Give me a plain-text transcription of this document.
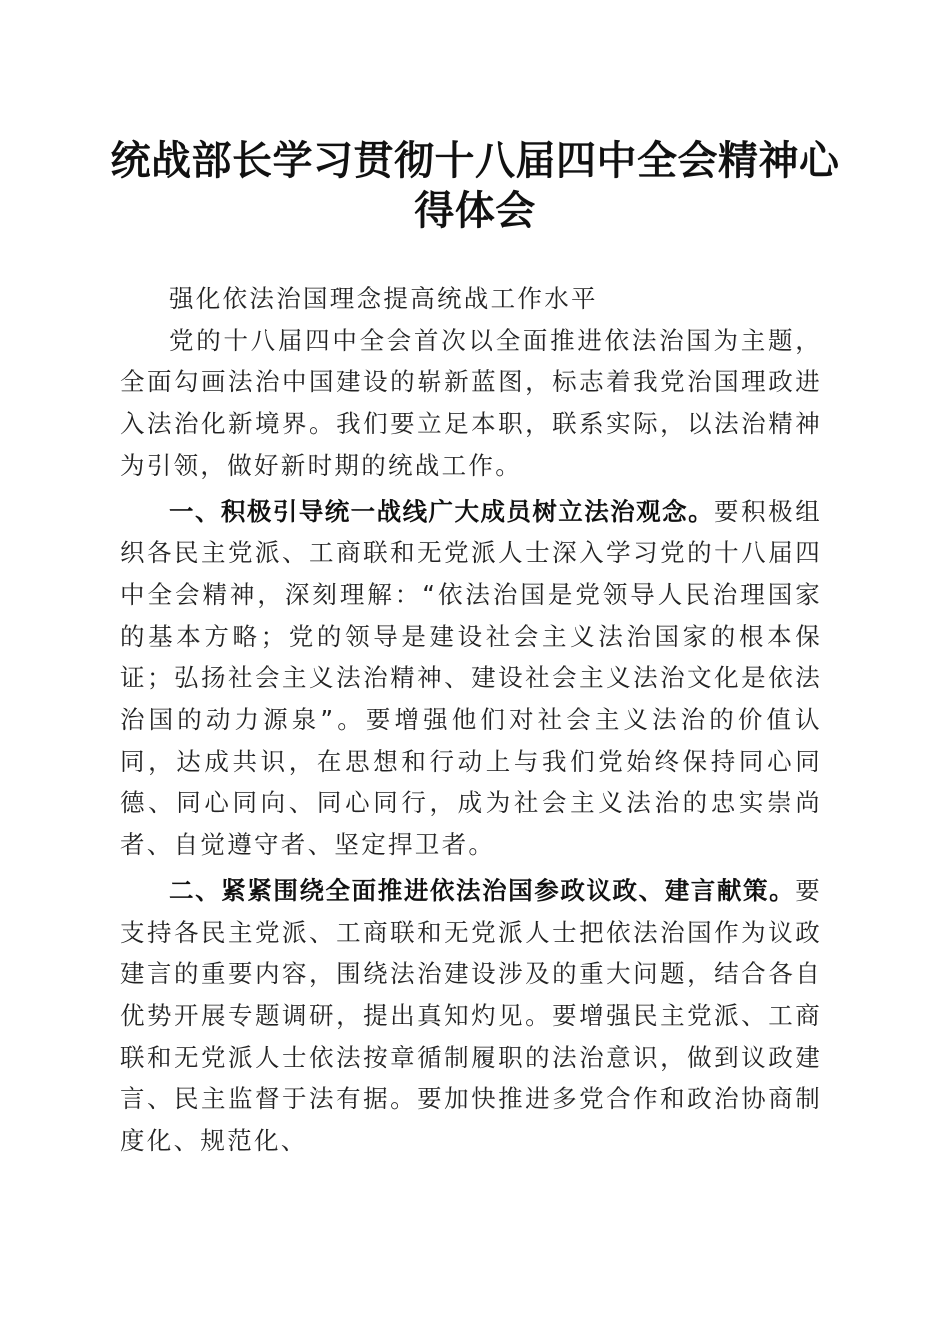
统战部长学习贯彻十八届四中全会精神心得体会

强化依法治国理念提高统战工作水平

党的十八届四中全会首次以全面推进依法治国为主题，全面勾画法治中国建设的崭新蓝图，标志着我党治国理政进入法治化新境界。我们要立足本职，联系实际，以法治精神为引领，做好新时期的统战工作。

一、积极引导统一战线广大成员树立法治观念。要积极组织各民主党派、工商联和无党派人士深入学习党的十八届四中全会精神，深刻理解：“依法治国是党领导人民治理国家的基本方略；党的领导是建设社会主义法治国家的根本保证；弘扬社会主义法治精神、建设社会主义法治文化是依法治国的动力源泉”。要增强他们对社会主义法治的价值认同，达成共识，在思想和行动上与我们党始终保持同心同德、同心同向、同心同行，成为社会主义法治的忠实崇尚者、自觉遵守者、坚定捍卫者。

二、紧紧围绕全面推进依法治国参政议政、建言献策。要支持各民主党派、工商联和无党派人士把依法治国作为议政建言的重要内容，围绕法治建设涉及的重大问题，结合各自优势开展专题调研，提出真知灼见。要增强民主党派、工商联和无党派人士依法按章循制履职的法治意识，做到议政建言、民主监督于法有据。要加快推进多党合作和政治协商制度化、规范化、
